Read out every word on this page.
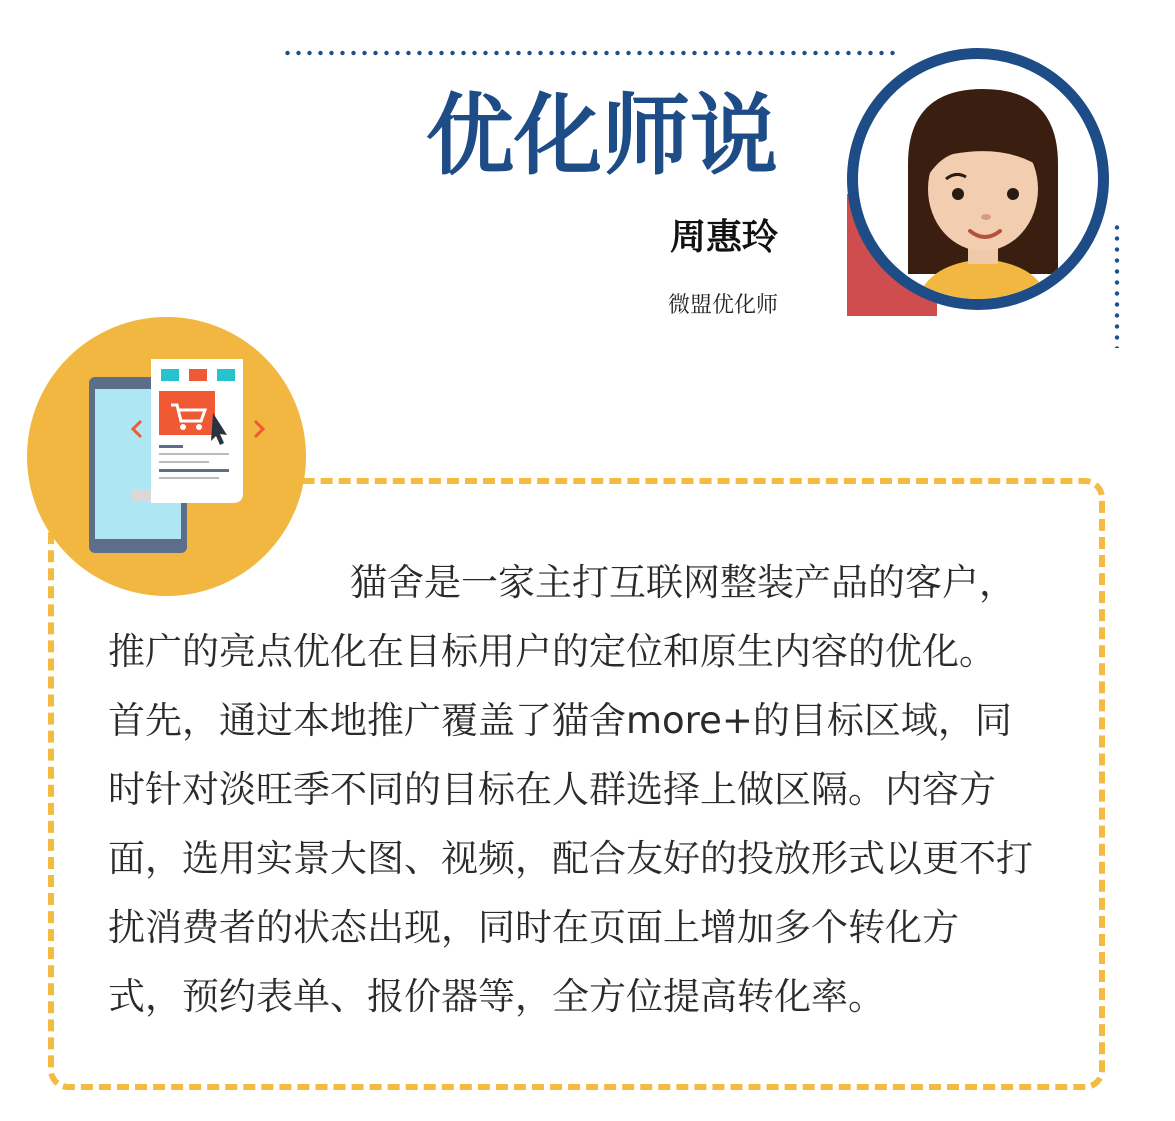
优化师说
周惠玲
微盟优化师
猫舍是一家主打互联网整装产品的客户，
推广的亮点优化在目标用户的定位和原生内容的优化。
首先，通过本地推广覆盖了猫舍more+的目标区域，同
时针对淡旺季不同的目标在人群选择上做区隔。内容方
面，选用实景大图、视频，配合友好的投放形式以更不打
扰消费者的状态出现，同时在页面上增加多个转化方
式，预约表单、报价器等，全方位提高转化率。
